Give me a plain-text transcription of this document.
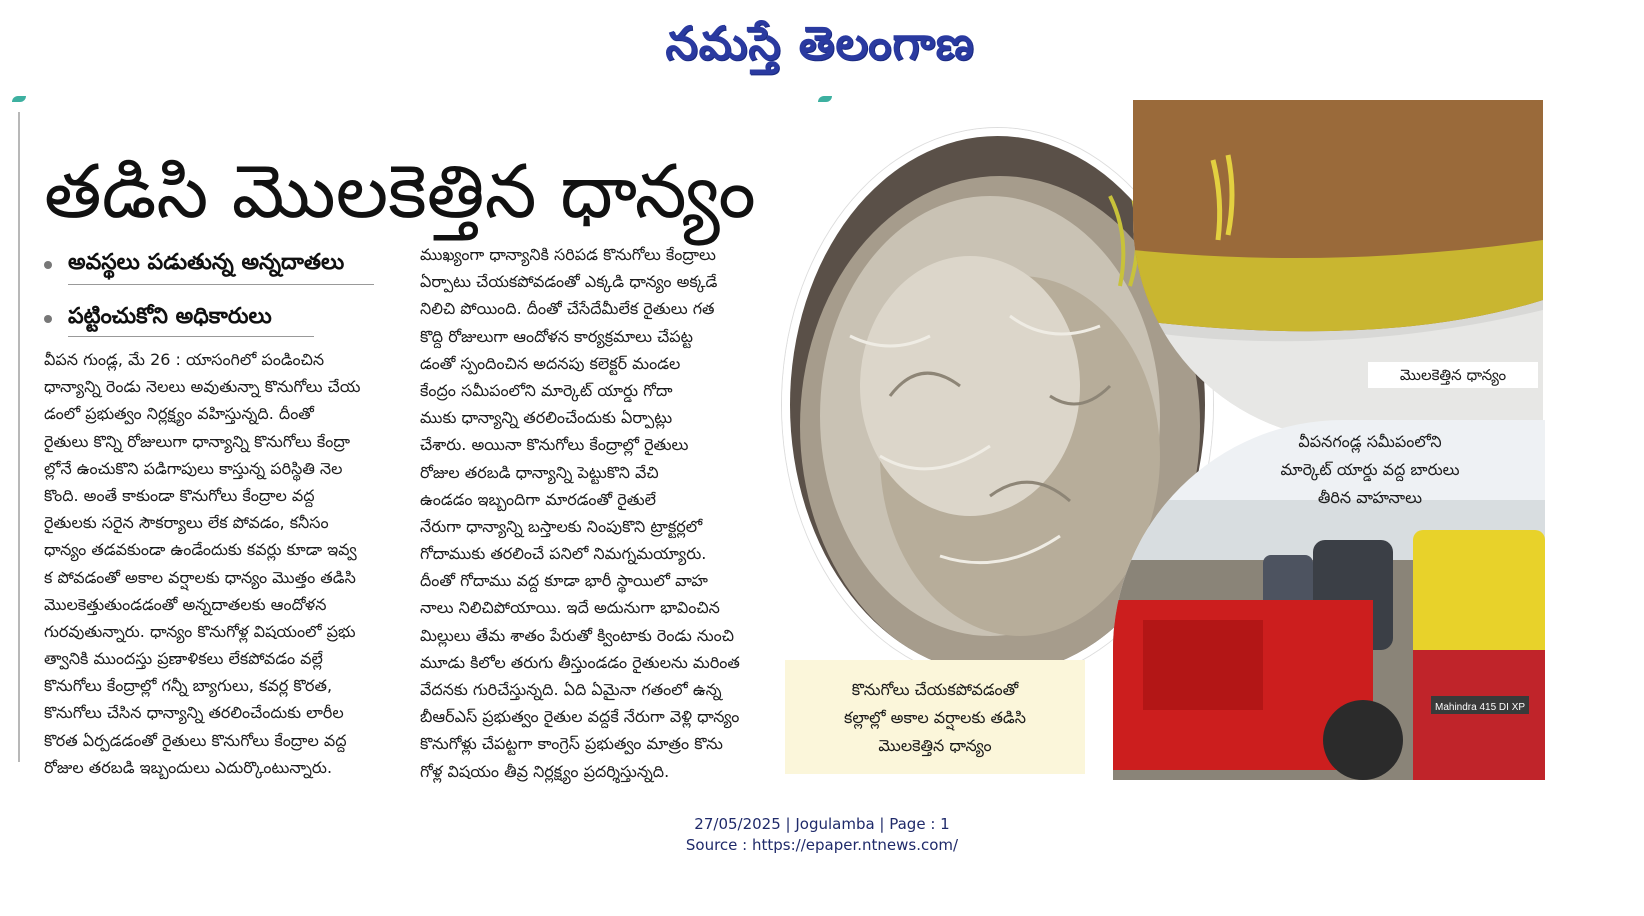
నమస్తే తెలంగాణ
తడిసి మొలకెత్తిన ధాన్యం
అవస్థలు పడుతున్న అన్నదాతలు
పట్టించుకోని అధికారులు
వీపన గుండ్ల, మే 26 : యాసంగిలో పండించిన
ధాన్యాన్ని రెండు నెలలు అవుతున్నా కొనుగోలు చేయ
డంలో ప్రభుత్వం నిర్లక్ష్యం వహిస్తున్నది. దీంతో
రైతులు కొన్ని రోజులుగా ధాన్యాన్ని కొనుగోలు కేంద్రా
ల్లోనే ఉంచుకొని పడిగాపులు కాస్తున్న పరిస్థితి నెల
కొంది. అంతే కాకుండా కొనుగోలు కేంద్రాల వద్ద
రైతులకు సరైన సౌకర్యాలు లేక పోవడం, కనీసం
ధాన్యం తడవకుండా ఉండేందుకు కవర్లు కూడా ఇవ్వ
క పోవడంతో అకాల వర్షాలకు ధాన్యం మొత్తం తడిసి
మొలకెత్తుతుండడంతో అన్నదాతలకు ఆందోళన
గురవుతున్నారు. ధాన్యం కొనుగోళ్ల విషయంలో ప్రభు
త్వానికి ముందస్తు ప్రణాళికలు లేకపోవడం వల్లే
కొనుగోలు కేంద్రాల్లో గన్నీ బ్యాగులు, కవర్ల కొరత,
కొనుగోలు చేసిన ధాన్యాన్ని తరలించేందుకు లారీల
కొరత ఏర్పడడంతో రైతులు కొనుగోలు కేంద్రాల వద్ద
రోజుల తరబడి ఇబ్బందులు ఎదుర్కొంటున్నారు.
ముఖ్యంగా ధాన్యానికి సరిపడ కొనుగోలు కేంద్రాలు
ఏర్పాటు చేయకపోవడంతో ఎక్కడి ధాన్యం అక్కడే
నిలిచి పోయింది. దీంతో చేసేదేమీలేక రైతులు గత
కొద్ది రోజులుగా ఆందోళన కార్యక్రమాలు చేపట్ట
డంతో స్పందించిన అదనపు కలెక్టర్ మండల
కేంద్రం సమీపంలోని మార్కెట్ యార్డు గోదా
ముకు ధాన్యాన్ని తరలించేందుకు ఏర్పాట్లు
చేశారు. అయినా కొనుగోలు కేంద్రాల్లో రైతులు
రోజుల తరబడి ధాన్యాన్ని పెట్టుకొని వేచి
ఉండడం ఇబ్బందిగా మారడంతో రైతులే
నేరుగా ధాన్యాన్ని బస్తాలకు నింపుకొని ట్రాక్టర్లలో
గోదాముకు తరలించే పనిలో నిమగ్నమయ్యారు.
దీంతో గోదాము వద్ద కూడా భారీ స్థాయిలో వాహ
నాలు నిలిచిపోయాయి. ఇదే అదునుగా భావించిన
మిల్లులు తేమ శాతం పేరుతో క్వింటాకు రెండు నుంచి
మూడు కిలోల తరుగు తీస్తుండడం రైతులను మరింత
వేదనకు గురిచేస్తున్నది. ఏది ఏమైనా గతంలో ఉన్న
బీఆర్ఎస్ ప్రభుత్వం రైతుల వద్దకే నేరుగా వెళ్లి ధాన్యం
కొనుగోళ్లు చేపట్టగా కాంగ్రెస్ ప్రభుత్వం మాత్రం కొను
గోళ్ల విషయం తీవ్ర నిర్లక్ష్యం ప్రదర్శిస్తున్నది.
మొలకెత్తిన ధాన్యం
Mahindra 415 DI XP
వీపనగండ్ల సమీపంలోని
మార్కెట్ యార్డు వద్ద బారులు
తీరిన వాహనాలు
కొనుగోలు చేయకపోవడంతో
కల్లాల్లో అకాల వర్షాలకు తడిసి
మొలకెత్తిన ధాన్యం
27/05/2025 | Jogulamba | Page : 1
Source : https://epaper.ntnews.com/
